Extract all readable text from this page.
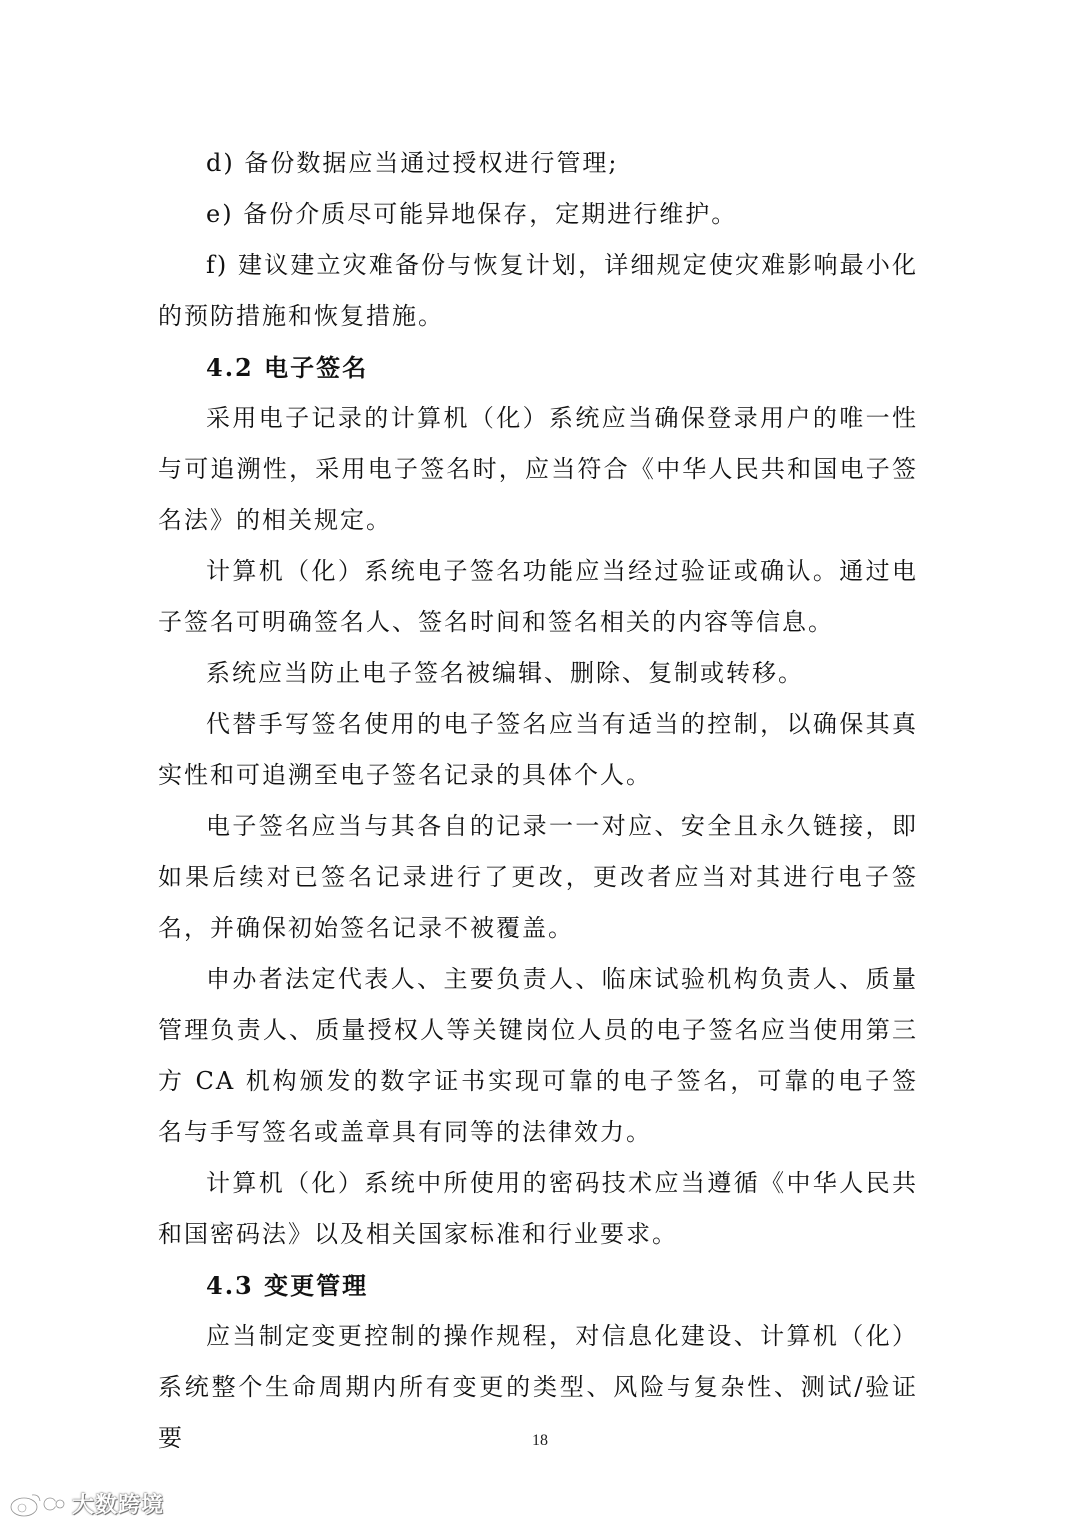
d) 备份数据应当通过授权进行管理;

e) 备份介质尽可能异地保存，定期进行维护。

f) 建议建立灾难备份与恢复计划，详细规定使灾难影响最小化的预防措施和恢复措施。

4.2 电子签名

采用电子记录的计算机（化）系统应当确保登录用户的唯一性与可追溯性，采用电子签名时，应当符合《中华人民共和国电子签名法》的相关规定。

计算机（化）系统电子签名功能应当经过验证或确认。通过电子签名可明确签名人、签名时间和签名相关的内容等信息。

系统应当防止电子签名被编辑、删除、复制或转移。

代替手写签名使用的电子签名应当有适当的控制，以确保其真实性和可追溯至电子签名记录的具体个人。

电子签名应当与其各自的记录一一对应、安全且永久链接，即如果后续对已签名记录进行了更改，更改者应当对其进行电子签名，并确保初始签名记录不被覆盖。

申办者法定代表人、主要负责人、临床试验机构负责人、质量管理负责人、质量授权人等关键岗位人员的电子签名应当使用第三方 CA 机构颁发的数字证书实现可靠的电子签名，可靠的电子签名与手写签名或盖章具有同等的法律效力。

计算机（化）系统中所使用的密码技术应当遵循《中华人民共和国密码法》以及相关国家标准和行业要求。

4.3 变更管理

应当制定变更控制的操作规程，对信息化建设、计算机（化）系统整个生命周期内所有变更的类型、风险与复杂性、测试/验证要	18
大数跨境
